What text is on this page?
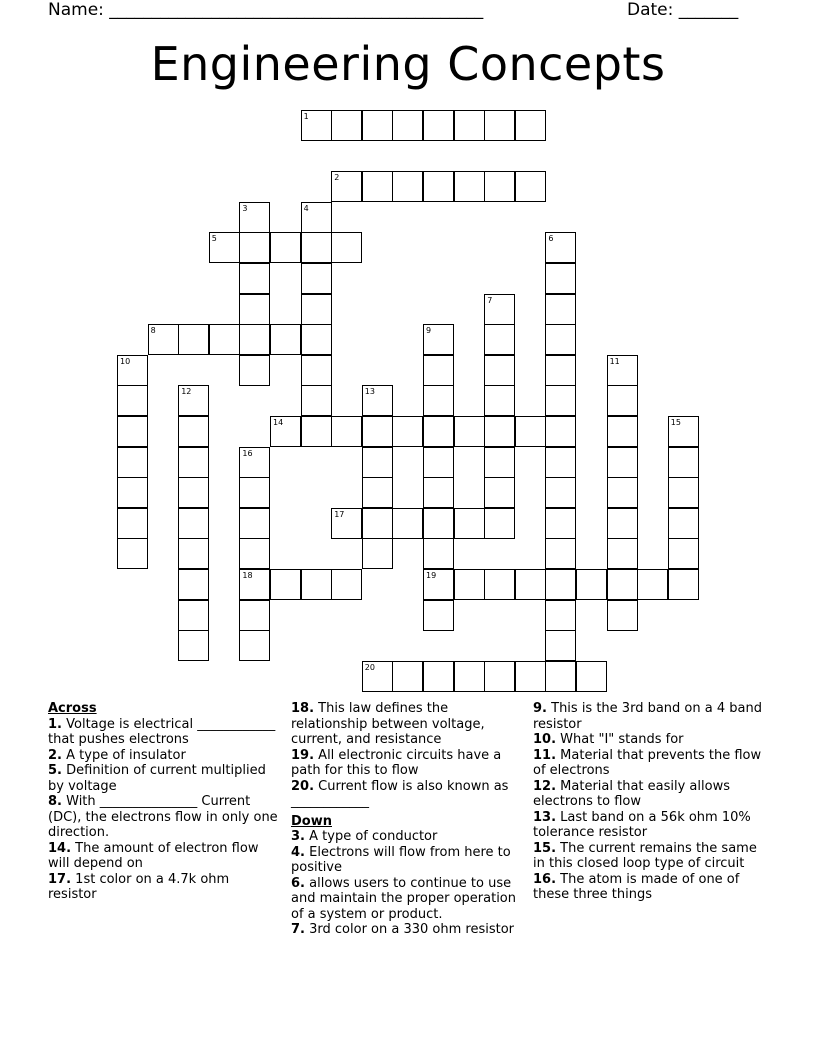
Name: ____________________________________________	Date: _______
Engineering Concepts
1
2
3	4
5	6
7
8	9
19
10	11
12	13
14	15
16
18
17
20

Across

1. Voltage is electrical ____________ that pushes electrons

2. A type of insulator

5. Definition of current multiplied by voltage

8. With _______________ Current (DC), the electrons flow in only one direction.

14. The amount of electron flow will depend on

17. 1st color on a 4.7k ohm resistor

18. This law defines the relationship between voltage, current, and resistance

19. All electronic circuits have a path for this to flow

20. Current flow is also known as ____________

Down

3. A type of conductor

4. Electrons will flow from here to positive

6. allows users to continue to use and maintain the proper operation of a system or product.

7. 3rd color on a 330 ohm resistor

9. This is the 3rd band on a 4 band resistor

10. What "I" stands for

11. Material that prevents the flow of electrons

12. Material that easily allows electrons to flow

13. Last band on a 56k ohm 10% tolerance resistor

15. The current remains the same in this closed loop type of circuit

16. The atom is made of one of these three things
